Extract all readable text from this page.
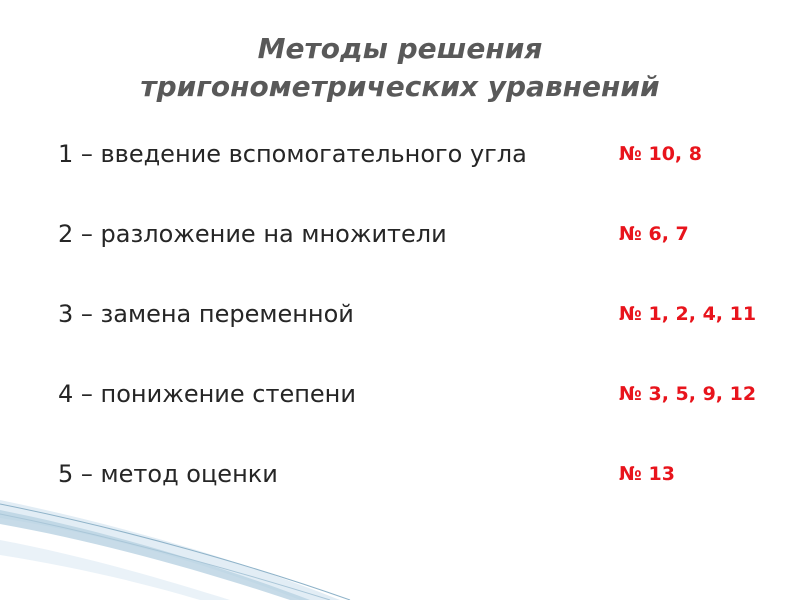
Методы решения
тригонометрических уравнений
1 – введение вспомогательного угла	№ 10, 8
2 – разложение на множители	№ 6, 7
3 – замена переменной	№ 1, 2, 4, 11
4 – понижение степени	№ 3, 5, 9, 12
5 – метод оценки	№ 13
